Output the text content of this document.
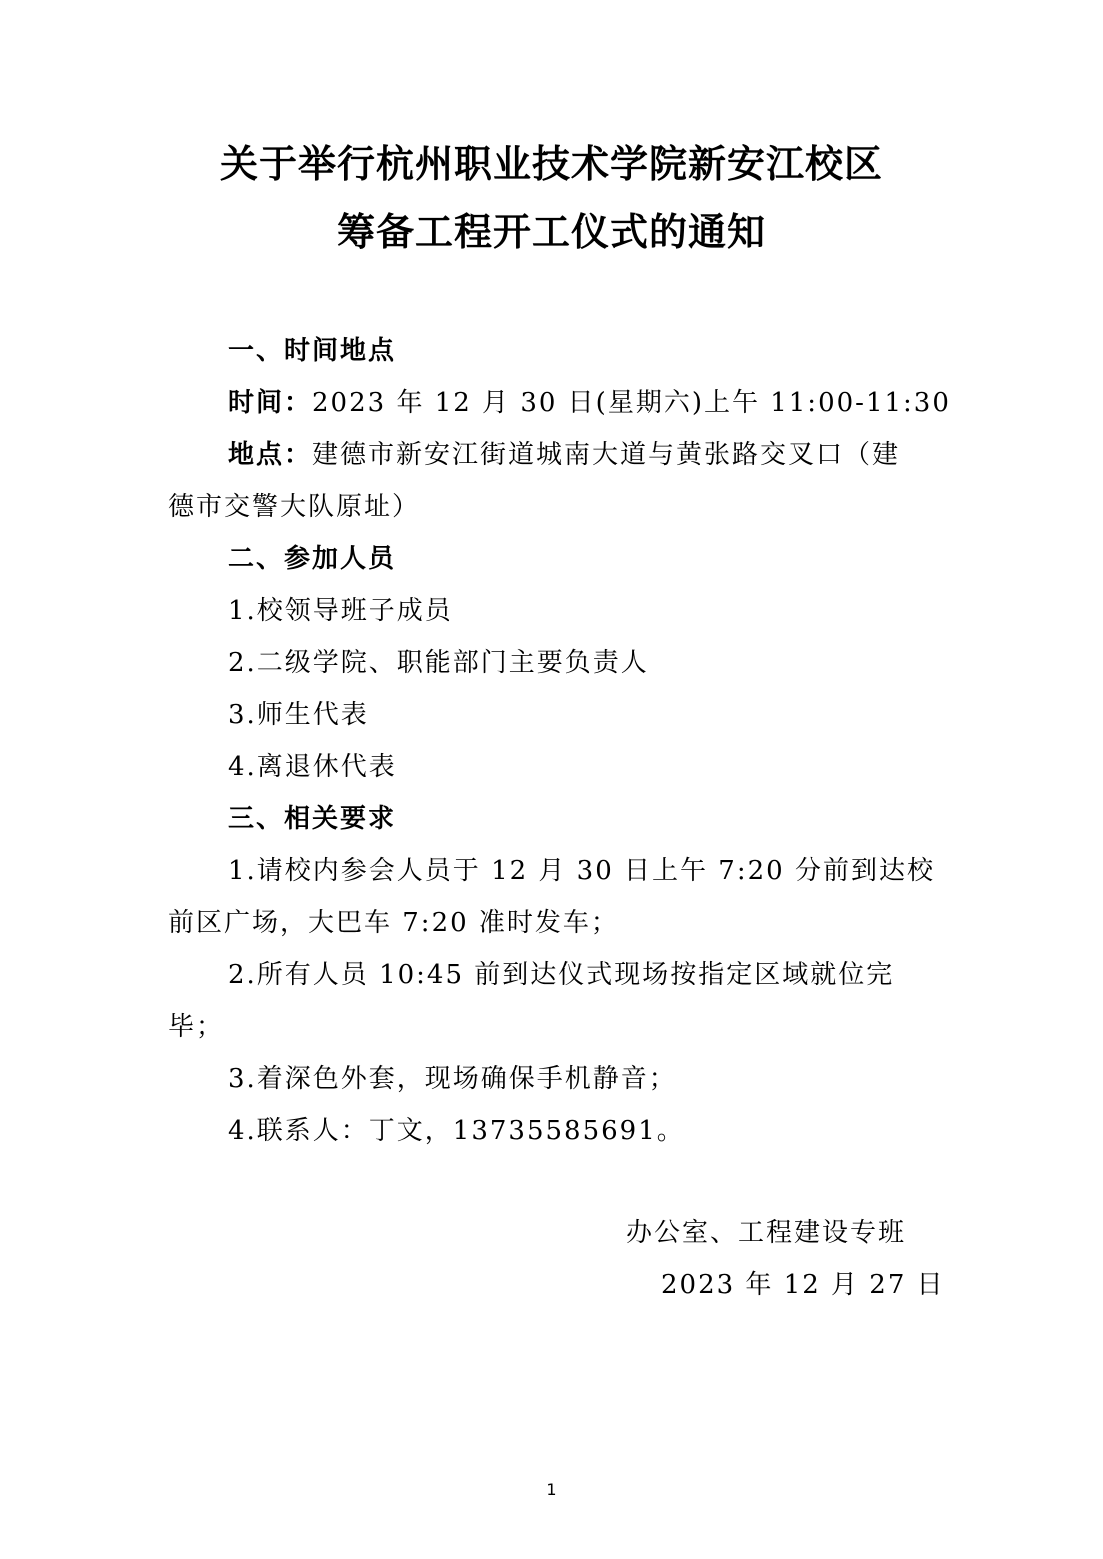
关于举行杭州职业技术学院新安江校区
筹备工程开工仪式的通知
一、时间地点
时间：2023 年 12 月 30 日(星期六)上午 11:00-11:30
地点：建德市新安江街道城南大道与黄张路交叉口（建
德市交警大队原址）
二、参加人员
1.校领导班子成员
2.二级学院、职能部门主要负责人
3.师生代表
4.离退休代表
三、相关要求
1.请校内参会人员于 12 月 30 日上午 7:20 分前到达校
前区广场，大巴车 7:20 准时发车；
2.所有人员 10:45 前到达仪式现场按指定区域就位完
毕；
3.着深色外套，现场确保手机静音；
4.联系人：丁文，13735585691。
办公室、工程建设专班
2023 年 12 月 27 日
1
